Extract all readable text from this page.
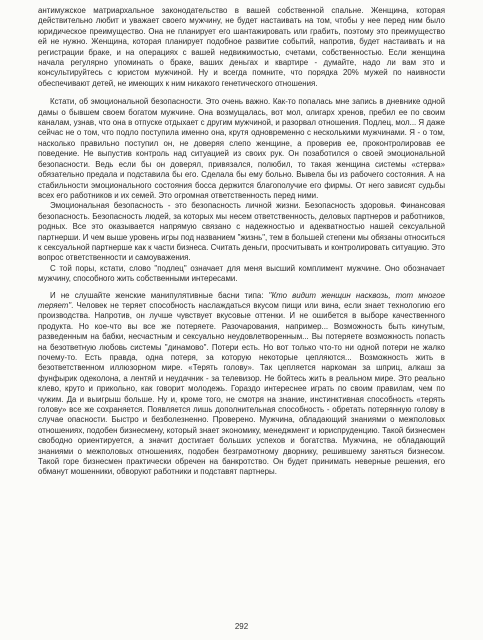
антимужское матриархальное законодательство в вашей собственной спальне. Женщина, которая действительно любит и уважает своего мужчину, не будет настаивать на том, чтобы у нее перед ним было юридическое преимущество. Она не планирует его шантажировать или грабить, поэтому это преимущество ей не нужно. Женщина, которая планирует подобное развитие событий, напротив, будет настаивать и на регистрации браке, и на операциях с вашей недвижимостью, счетами, собственностью. Если женщина начала регулярно упоминать о браке, ваших деньгах и квартире - думайте, надо ли вам это и консультируйтесь с юристом мужчиной. Ну и всегда помните, что порядка 20% мужей по наивности обеспечивают детей, не имеющих к ним никакого генетического отношения.

Кстати, об эмоциональной безопасности. Это очень важно. Как-то попалась мне запись в дневнике одной дамы о бывшем своем богатом мужчине. Она возмущалась, вот мол, олигарх хренов, пребил ее по своим каналам, узнав, что она в отпуске отдыхает с другим мужчиной, и разорвал отношения. Подлец, мол... Я даже сейчас не о том, что подло поступила именно она, крутя одновременно с несколькими мужчинами. Я - о том, насколько правильно поступил он, не доверяя слепо женщине, а проверив ее, проконтролировав ее поведение. Не выпустив контроль над ситуацией из своих рук. Он позаботился о своей эмоциональной безопасности. Ведь если бы он доверял, привязался, полюбил, то такая женщина системы «стерва» обязательно предала и подставила бы его. Сделала бы ему больно. Вывела бы из рабочего состояния. А на стабильности эмоционального состояния босса держится благополучие его фирмы. От него зависят судьбы всех его работников и их семей. Это огромная ответственность перед ними.

Эмоциональная безопасность - это безопасность личной жизни. Безопасность здоровья. Финансовая безопасность. Безопасность людей, за которых мы несем ответственность, деловых партнеров и работников, родных. Все это оказывается напрямую связано с надежностью и адекватностью нашей сексуальной партнерши. И чем выше уровень игры под названием "жизнь", тем в большей степени мы обязаны относиться к сексуальной партнерше как к части бизнеса. Считать деньги, просчитывать и контролировать ситуацию. Это вопрос ответственности и самоуважения.

С той поры, кстати, слово "подлец" означает для меня высший комплимент мужчине. Оно обозначает мужчину, способного жить собственными интересами.

И не слушайте женские манипулятивные басни типа: "Кто видит женщин насквозь, тот многое теряет". Человек не теряет способность наслаждаться вкусом пищи или вина, если знает технологию его производства. Напротив, он лучше чувствует вкусовые оттенки. И не ошибется в выборе качественного продукта. Но кое-что вы все же потеряете. Разочарования, например... Возможность быть кинутым, разведенным на бабки, несчастным и сексуально неудовлетворенным... Вы потеряете возможность попасть на безответную любовь системы "динамово". Потери есть. Но вот только что-то ни одной потери не жалко почему-то. Есть правда, одна потеря, за которую некоторые цепляются... Возможность жить в безответственном иллюзорном мире. «Терять голову». Так цепляется наркоман за шприц, алкаш за фунфырик одеколона, а лентяй и неудачник - за телевизор. Не бойтесь жить в реальном мире. Это реально клево, круто и прикольно, как говорит молодежь. Гораздо интереснее играть по своим правилам, чем по чужим. Да и выигрыш больше. Ну и, кроме того, не смотря на знание, инстинктивная способность «терять голову» все же сохраняется. Появляется лишь дополнительная способность - обретать потерянную голову в случае опасности. Быстро и безболезненно. Проверено. Мужчина, обладающий знаниями о межполовых отношениях, подобен бизнесмену, который знает экономику, менеджмент и юриспруденцию. Такой бизнесмен свободно ориентируется, а значит достигает больших успехов и богатства. Мужчина, не обладающий знаниями о межполовых отношениях, подобен безграмотному дворнику, решившему заняться бизнесом. Такой горе бизнесмен практически обречен на банкротство. Он будет принимать неверные решения, его обманут мошенники, обворуют работники и подставят партнеры.

292
